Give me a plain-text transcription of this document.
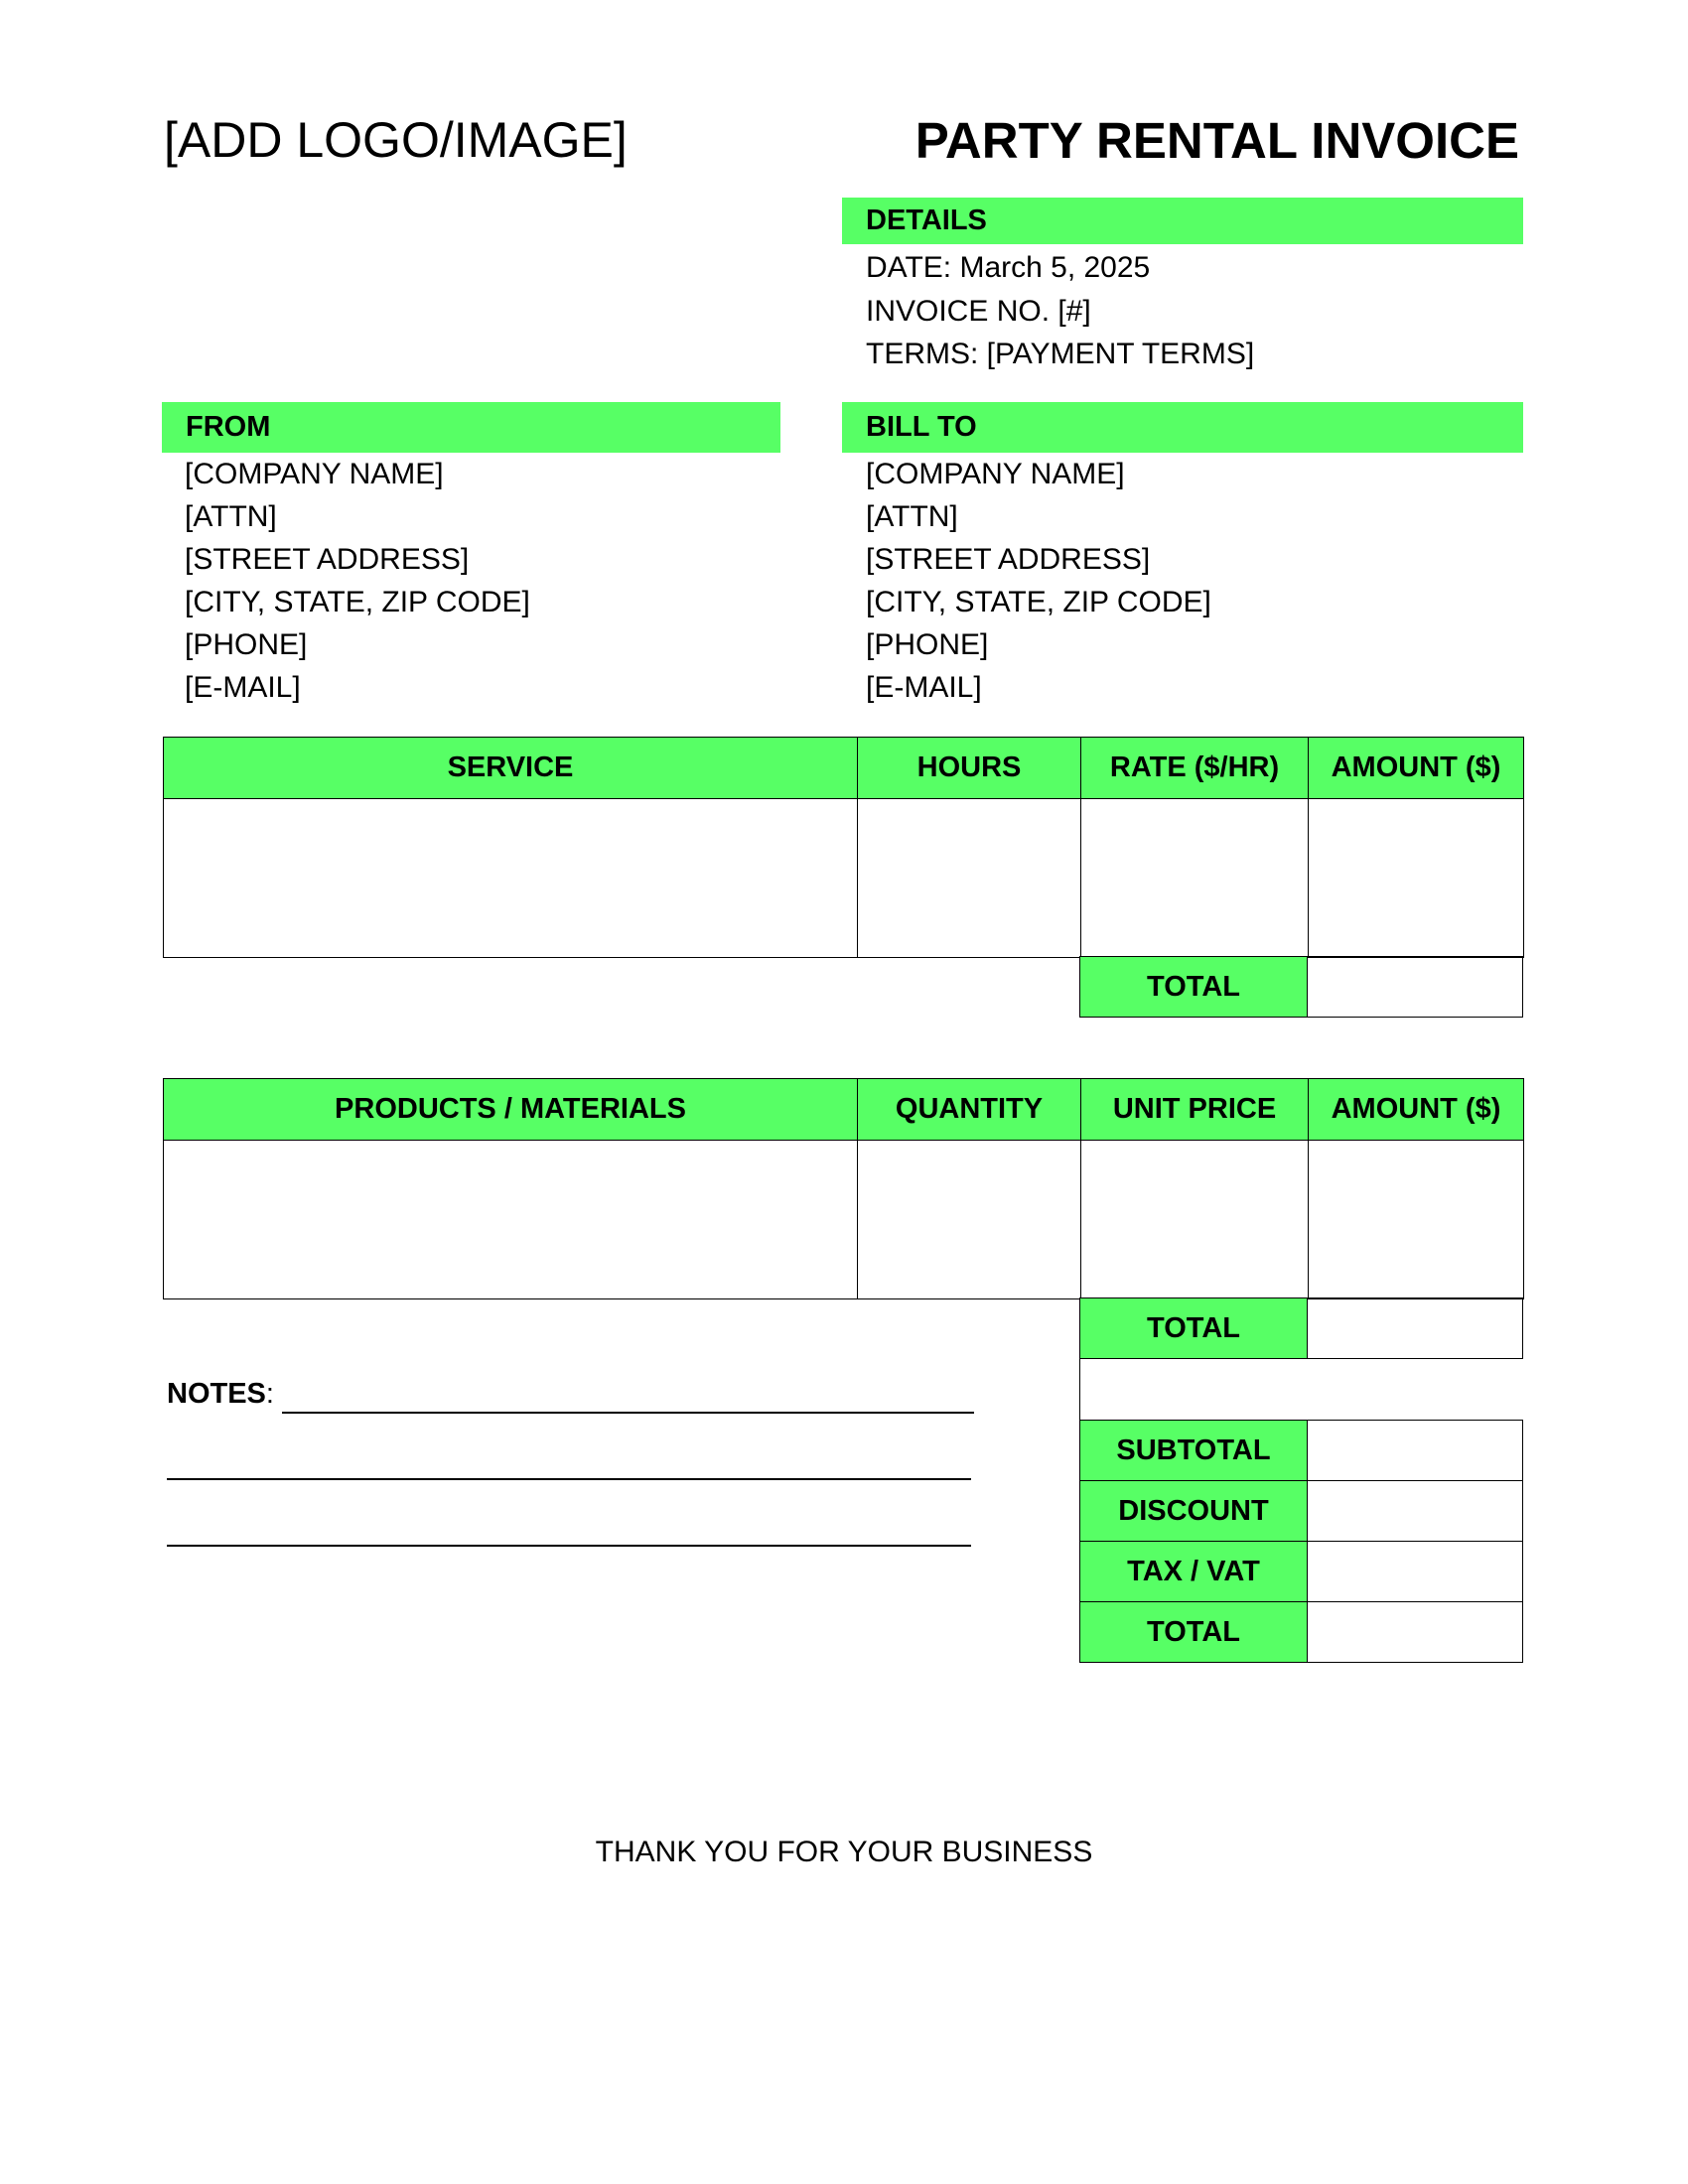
[ADD LOGO/IMAGE]	PARTY RENTAL INVOICE
DETAILS
DATE: March 5, 2025
INVOICE NO. [#]
TERMS: [PAYMENT TERMS]
FROM
[COMPANY NAME]
[ATTN]
[STREET ADDRESS]
[CITY, STATE, ZIP CODE]
[PHONE]
[E-MAIL]
BILL TO
[COMPANY NAME]
[ATTN]
[STREET ADDRESS]
[CITY, STATE, ZIP CODE]
[PHONE]
[E-MAIL]
SERVICE	HOURS	RATE ($/HR)	AMOUNT ($)

TOTAL
PRODUCTS / MATERIALS	QUANTITY	UNIT PRICE	AMOUNT ($)

TOTAL
SUBTOTAL
DISCOUNT
TAX / VAT
TOTAL
NOTES:
THANK YOU FOR YOUR BUSINESS
